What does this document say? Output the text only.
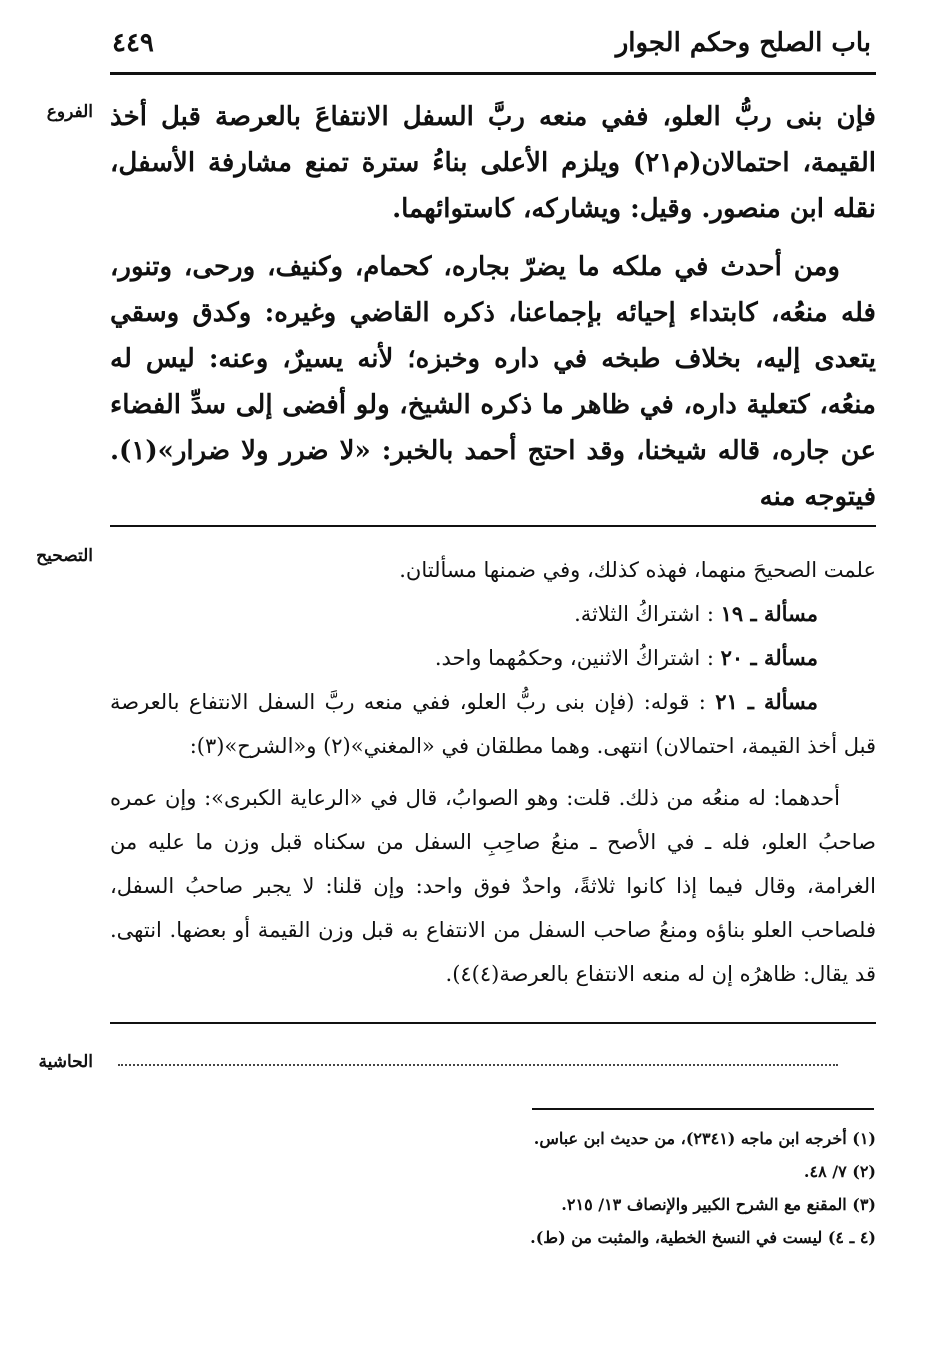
٤٤٩	باب الصلح وحكم الجوار
الفروع
التصحيح
الحاشية

فإن بنى ربُّ العلو، ففي منعه ربَّ السفل الانتفاعَ بالعرصة قبل أخذ القيمة، احتمالان(م٢١) ويلزم الأعلى بناءُ سترة تمنع مشارفة الأسفل، نقله ابن منصور. وقيل: ويشاركه، كاستوائهما.

ومن أحدث في ملكه ما يضرّ بجاره، كحمام، وكنيف، ورحى، وتنور، فله منعُه، كابتداء إحيائه بإجماعنا، ذكره القاضي وغيره: وكدق وسقي يتعدى إليه، بخلاف طبخه في داره وخبزه؛ لأنه يسيرٌ، وعنه: ليس له منعُه، كتعلية داره، في ظاهر ما ذكره الشيخ، ولو أفضى إلى سدِّ الفضاء عن جاره، قاله شيخنا، وقد احتج أحمد بالخبر: «لا ضرر ولا ضرار»(١). فيتوجه منه

علمت الصحيحَ منهما، فهذه كذلك، وفي ضمنها مسألتان.

مسألة ـ ١٩ : اشتراكُ الثلاثة.

مسألة ـ ٢٠ : اشتراكُ الاثنين، وحكمُهما واحد.

مسألة ـ ٢١ : قوله: (فإن بنى ربُّ العلو، ففي منعه ربَّ السفل الانتفاع بالعرصة قبل أخذ القيمة، احتمالان) انتهى. وهما مطلقان في «المغني»(٢) و«الشرح»(٣):

أحدهما: له منعُه من ذلك. قلت: وهو الصوابُ، قال في «الرعاية الكبرى»: وإن عمره صاحبُ العلو، فله ـ في الأصح ـ منعُ صاحِبِ السفل من سكناه قبل وزن ما عليه من الغرامة، وقال فيما إذا كانوا ثلاثةً، واحدٌ فوق واحد: وإن قلنا: لا يجبر صاحبُ السفل، فلصاحب العلو بناؤه ومنعُ صاحب السفل من الانتفاع به قبل وزن القيمة أو بعضها. انتهى. قد يقال: ظاهرُه إن له منعه الانتفاع بالعرصة(٤)٤).

(١) أخرجه ابن ماجه (٢٣٤١)، من حديث ابن عباس.

(٢) ٧/ ٤٨.

(٣) المقنع مع الشرح الكبير والإنصاف ١٣/ ٢١٥.

(٤ ـ ٤) ليست في النسخ الخطية، والمثبت من (ط).
